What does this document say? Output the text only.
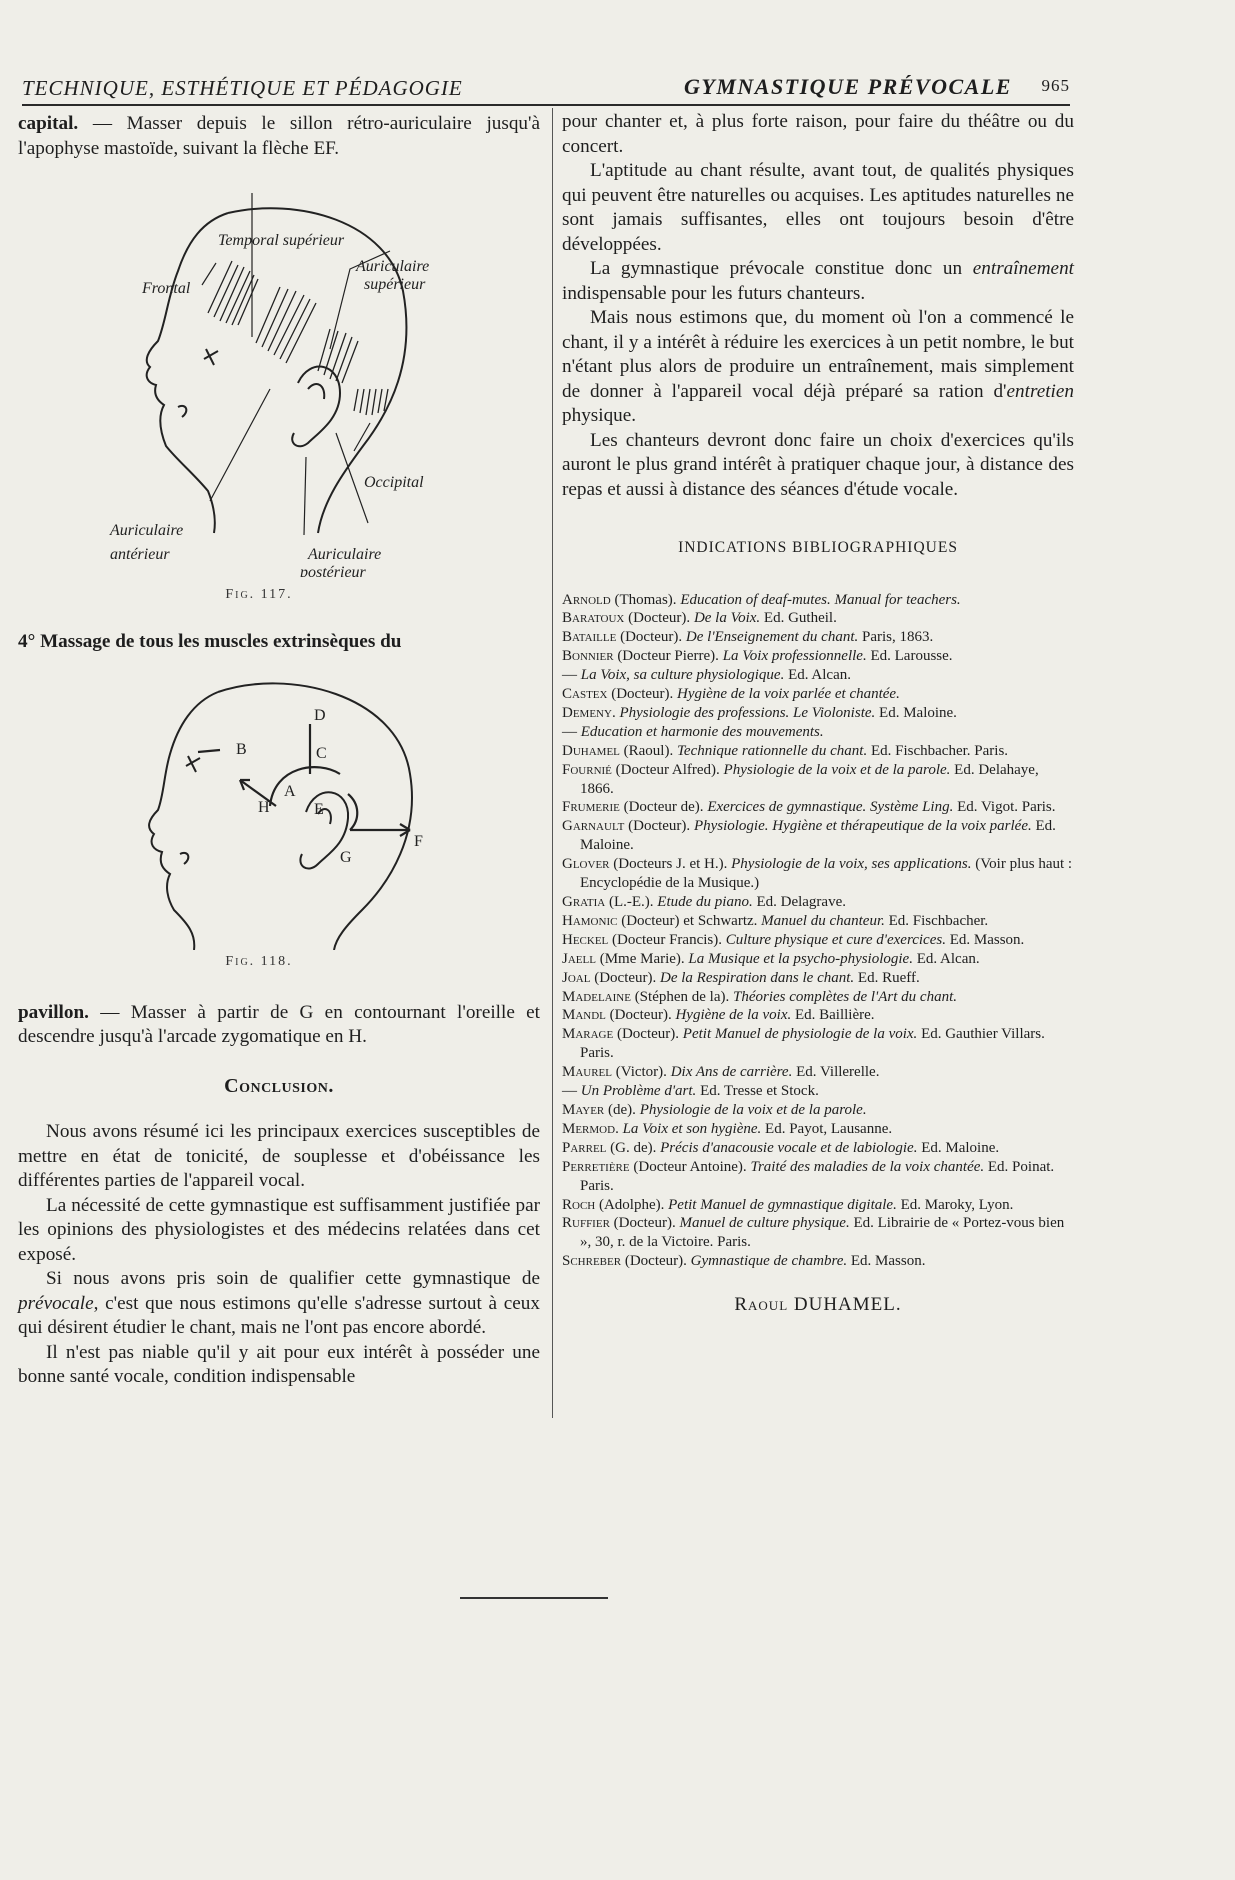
TECHNIQUE, ESTHÉTIQUE ET PÉDAGOGIE	GYMNASTIQUE PRÉVOCALE 965

capital. — Masser depuis le sillon rétro-auriculaire jusqu'à l'apophyse mastoïde, suivant la flèche EF.

Temporal supérieur
Auriculaire
supérieur
Frontal
Occipital
Auriculaire
antérieur	Auriculaire
postérieur
Fig. 117.

4° Massage de tous les muscles extrinsèques du

D
C
B
A
H	E
F
G
Fig. 118.

pavillon. — Masser à partir de G en contournant l'oreille et descendre jusqu'à l'arcade zygomatique en H.

Conclusion.

Nous avons résumé ici les principaux exercices susceptibles de mettre en état de tonicité, de souplesse et d'obéissance les différentes parties de l'appareil vocal.

La nécessité de cette gymnastique est suffisamment justifiée par les opinions des physiologistes et des médecins relatées dans cet exposé.

Si nous avons pris soin de qualifier cette gymnastique de prévocale, c'est que nous estimons qu'elle s'adresse surtout à ceux qui désirent étudier le chant, mais ne l'ont pas encore abordé.

Il n'est pas niable qu'il y ait pour eux intérêt à posséder une bonne santé vocale, condition indispensable

pour chanter et, à plus forte raison, pour faire du théâtre ou du concert.

L'aptitude au chant résulte, avant tout, de qualités physiques qui peuvent être naturelles ou acquises. Les aptitudes naturelles ne sont jamais suffisantes, elles ont toujours besoin d'être développées.

La gymnastique prévocale constitue donc un entraînement indispensable pour les futurs chanteurs.

Mais nous estimons que, du moment où l'on a commencé le chant, il y a intérêt à réduire les exercices à un petit nombre, le but n'étant plus alors de produire un entraînement, mais simplement de donner à l'appareil vocal déjà préparé sa ration d'entretien physique.

Les chanteurs devront donc faire un choix d'exercices qu'ils auront le plus grand intérêt à pratiquer chaque jour, à distance des repas et aussi à distance des séances d'étude vocale.

INDICATIONS BIBLIOGRAPHIQUES
Arnold (Thomas). Education of deaf-mutes. Manual for teachers.
Baratoux (Docteur). De la Voix. Ed. Gutheil.
Bataille (Docteur). De l'Enseignement du chant. Paris, 1863.
Bonnier (Docteur Pierre). La Voix professionnelle. Ed. Larousse.
— La Voix, sa culture physiologique. Ed. Alcan.
Castex (Docteur). Hygiène de la voix parlée et chantée.
Demeny. Physiologie des professions. Le Violoniste. Ed. Maloine.
— Education et harmonie des mouvements.
Duhamel (Raoul). Technique rationnelle du chant. Ed. Fischbacher. Paris.
Fournié (Docteur Alfred). Physiologie de la voix et de la parole. Ed. Delahaye, 1866.
Frumerie (Docteur de). Exercices de gymnastique. Système Ling. Ed. Vigot. Paris.
Garnault (Docteur). Physiologie. Hygiène et thérapeutique de la voix parlée. Ed. Maloine.
Glover (Docteurs J. et H.). Physiologie de la voix, ses applications. (Voir plus haut : Encyclopédie de la Musique.)
Gratia (L.-E.). Etude du piano. Ed. Delagrave.
Hamonic (Docteur) et Schwartz. Manuel du chanteur. Ed. Fischbacher.
Heckel (Docteur Francis). Culture physique et cure d'exercices. Ed. Masson.
Jaell (Mme Marie). La Musique et la psycho-physiologie. Ed. Alcan.
Joal (Docteur). De la Respiration dans le chant. Ed. Rueff.
Madelaine (Stéphen de la). Théories complètes de l'Art du chant.
Mandl (Docteur). Hygiène de la voix. Ed. Baillière.
Marage (Docteur). Petit Manuel de physiologie de la voix. Ed. Gauthier Villars. Paris.
Maurel (Victor). Dix Ans de carrière. Ed. Villerelle.
— Un Problème d'art. Ed. Tresse et Stock.
Mayer (de). Physiologie de la voix et de la parole.
Mermod. La Voix et son hygiène. Ed. Payot, Lausanne.
Parrel (G. de). Précis d'anacousie vocale et de labiologie. Ed. Maloine.
Perretière (Docteur Antoine). Traité des maladies de la voix chantée. Ed. Poinat. Paris.
Roch (Adolphe). Petit Manuel de gymnastique digitale. Ed. Maroky, Lyon.
Ruffier (Docteur). Manuel de culture physique. Ed. Librairie de « Portez-vous bien », 30, r. de la Victoire. Paris.
Schreber (Docteur). Gymnastique de chambre. Ed. Masson.
Raoul DUHAMEL.
